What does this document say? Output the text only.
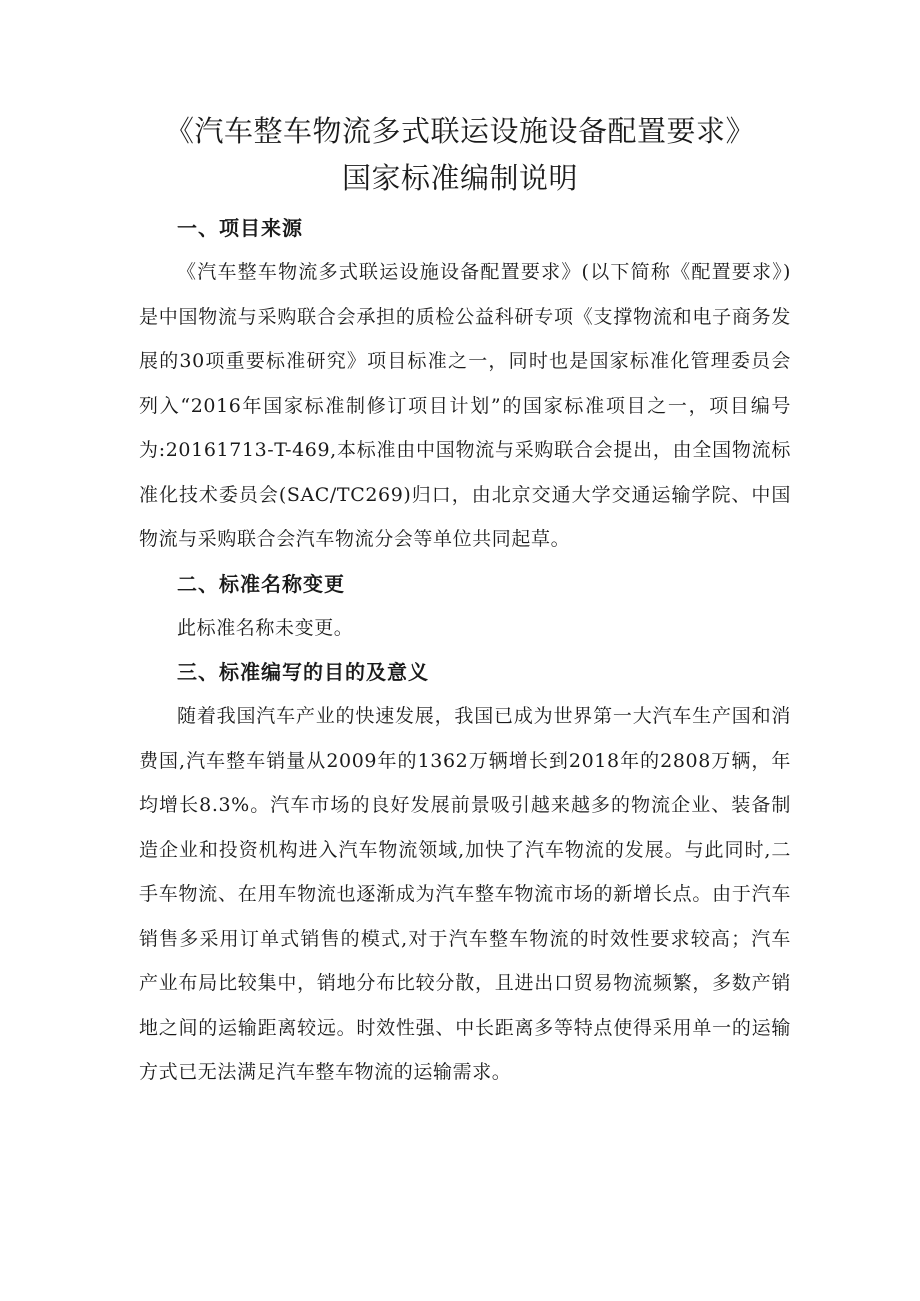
《汽车整车物流多式联运设施设备配置要求》
国家标准编制说明
一、项目来源

《汽车整车物流多式联运设施设备配置要求》(以下简称《配置要求》)是中国物流与采购联合会承担的质检公益科研专项《支撑物流和电子商务发展的30项重要标准研究》项目标准之一，同时也是国家标准化管理委员会列入“2016年国家标准制修订项目计划”的国家标准项目之一，项目编号为:20161713-T-469,本标准由中国物流与采购联合会提出，由全国物流标准化技术委员会(SAC/TC269)归口，由北京交通大学交通运输学院、中国物流与采购联合会汽车物流分会等单位共同起草。

二、标准名称变更

此标准名称未变更。

三、标准编写的目的及意义

随着我国汽车产业的快速发展，我国已成为世界第一大汽车生产国和消费国,汽车整车销量从2009年的1362万辆增长到2018年的2808万辆，年均增长8.3%。汽车市场的良好发展前景吸引越来越多的物流企业、装备制造企业和投资机构进入汽车物流领域,加快了汽车物流的发展。与此同时,二手车物流、在用车物流也逐渐成为汽车整车物流市场的新增长点。由于汽车销售多采用订单式销售的模式,对于汽车整车物流的时效性要求较高；汽车产业布局比较集中，销地分布比较分散，且进出口贸易物流频繁，多数产销地之间的运输距离较远。时效性强、中长距离多等特点使得采用单一的运输方式已无法满足汽车整车物流的运输需求。
